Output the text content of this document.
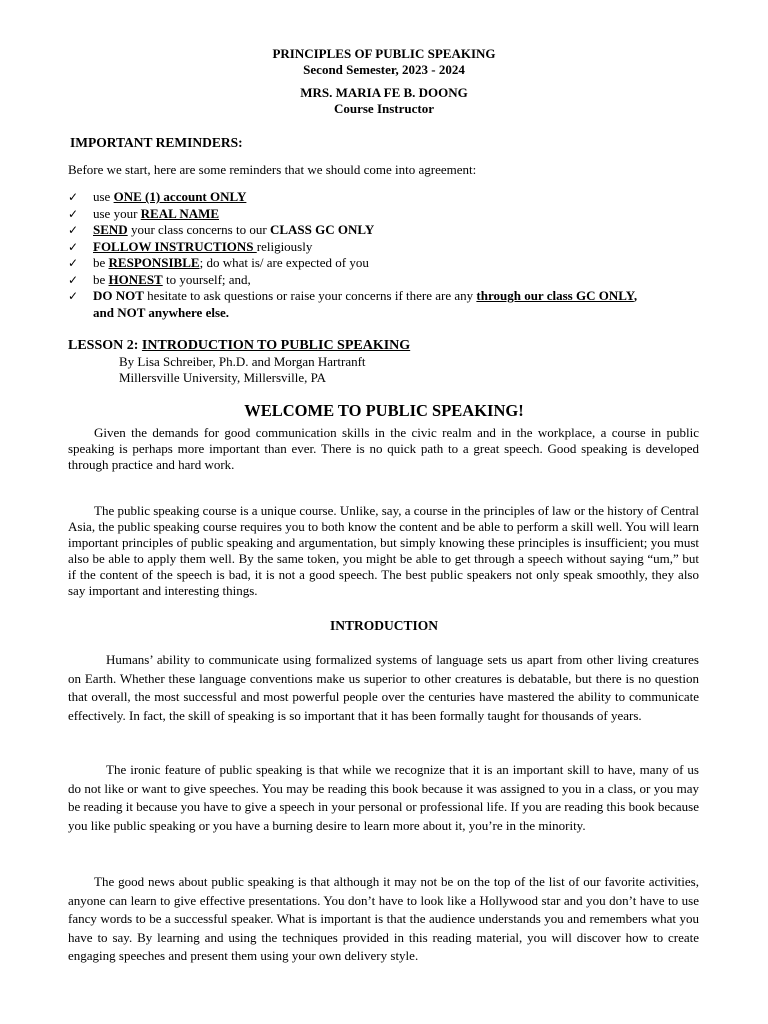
PRINCIPLES OF PUBLIC SPEAKING
Second Semester, 2023 - 2024
MRS. MARIA FE B. DOONG
Course Instructor
IMPORTANT REMINDERS:
Before we start, here are some reminders that we should come into agreement:
✓ use ONE (1) account ONLY
✓ use your REAL NAME
✓ SEND your class concerns to our CLASS GC ONLY
✓ FOLLOW INSTRUCTIONS religiously
✓ be RESPONSIBLE; do what is/ are expected of you
✓ be HONEST to yourself; and,
✓ DO NOT hesitate to ask questions or raise your concerns if there are any through our class GC ONLY,
and NOT anywhere else.
LESSON 2: INTRODUCTION TO PUBLIC SPEAKING
By Lisa Schreiber, Ph.D. and Morgan Hartranft
Millersville University, Millersville, PA
WELCOME TO PUBLIC SPEAKING!

Given the demands for good communication skills in the civic realm and in the workplace, a course in public speaking is perhaps more important than ever. There is no quick path to a great speech. Good speaking is developed through practice and hard work.

The public speaking course is a unique course. Unlike, say, a course in the principles of law or the history of Central Asia, the public speaking course requires you to both know the content and be able to perform a skill well. You will learn important principles of public speaking and argumentation, but simply knowing these principles is insufficient; you must also be able to apply them well. By the same token, you might be able to get through a speech without saying “um,” but if the content of the speech is bad, it is not a good speech. The best public speakers not only speak smoothly, they also say important and interesting things.

INTRODUCTION

Humans’ ability to communicate using formalized systems of language sets us apart from other living creatures on Earth. Whether these language conventions make us superior to other creatures is debatable, but there is no question that overall, the most successful and most powerful people over the centuries have mastered the ability to communicate effectively. In fact, the skill of speaking is so important that it has been formally taught for thousands of years.

The ironic feature of public speaking is that while we recognize that it is an important skill to have, many of us do not like or want to give speeches. You may be reading this book because it was assigned to you in a class, or you may be reading it because you have to give a speech in your personal or professional life. If you are reading this book because you like public speaking or you have a burning desire to learn more about it, you’re in the minority.

The good news about public speaking is that although it may not be on the top of the list of our favorite activities, anyone can learn to give effective presentations. You don’t have to look like a Hollywood star and you don’t have to use fancy words to be a successful speaker. What is important is that the audience understands you and remembers what you have to say. By learning and using the techniques provided in this reading material, you will discover how to create engaging speeches and present them using your own delivery style.
